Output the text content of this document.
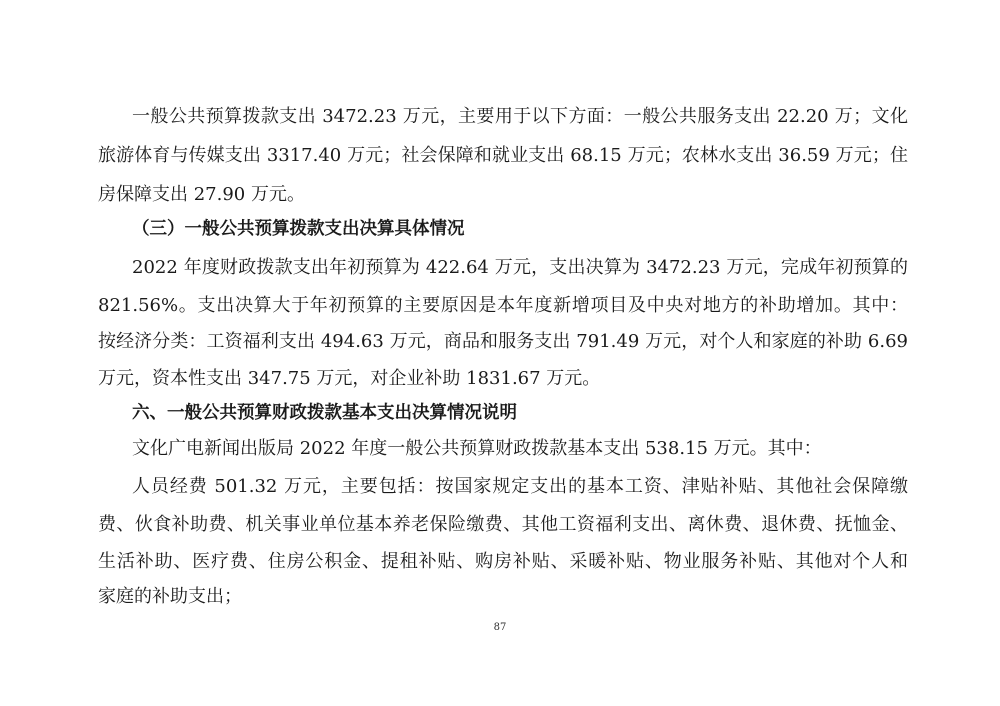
一般公共预算拨款支出 3472.23 万元，主要用于以下方面：一般公共服务支出 22.20 万；文化
旅游体育与传媒支出 3317.40 万元；社会保障和就业支出 68.15 万元；农林水支出 36.59 万元；住
房保障支出 27.90 万元。
（三）一般公共预算拨款支出决算具体情况
2022 年度财政拨款支出年初预算为 422.64 万元，支出决算为 3472.23 万元，完成年初预算的
821.56%。支出决算大于年初预算的主要原因是本年度新增项目及中央对地方的补助增加。其中：
按经济分类：工资福利支出 494.63 万元，商品和服务支出 791.49 万元，对个人和家庭的补助 6.69
万元，资本性支出 347.75 万元，对企业补助 1831.67 万元。
六、一般公共预算财政拨款基本支出决算情况说明
文化广电新闻出版局 2022 年度一般公共预算财政拨款基本支出 538.15 万元。其中：
人员经费 501.32 万元，主要包括：按国家规定支出的基本工资、津贴补贴、其他社会保障缴
费、伙食补助费、机关事业单位基本养老保险缴费、其他工资福利支出、离休费、退休费、抚恤金、
生活补助、医疗费、住房公积金、提租补贴、购房补贴、采暖补贴、物业服务补贴、其他对个人和
家庭的补助支出；
87
